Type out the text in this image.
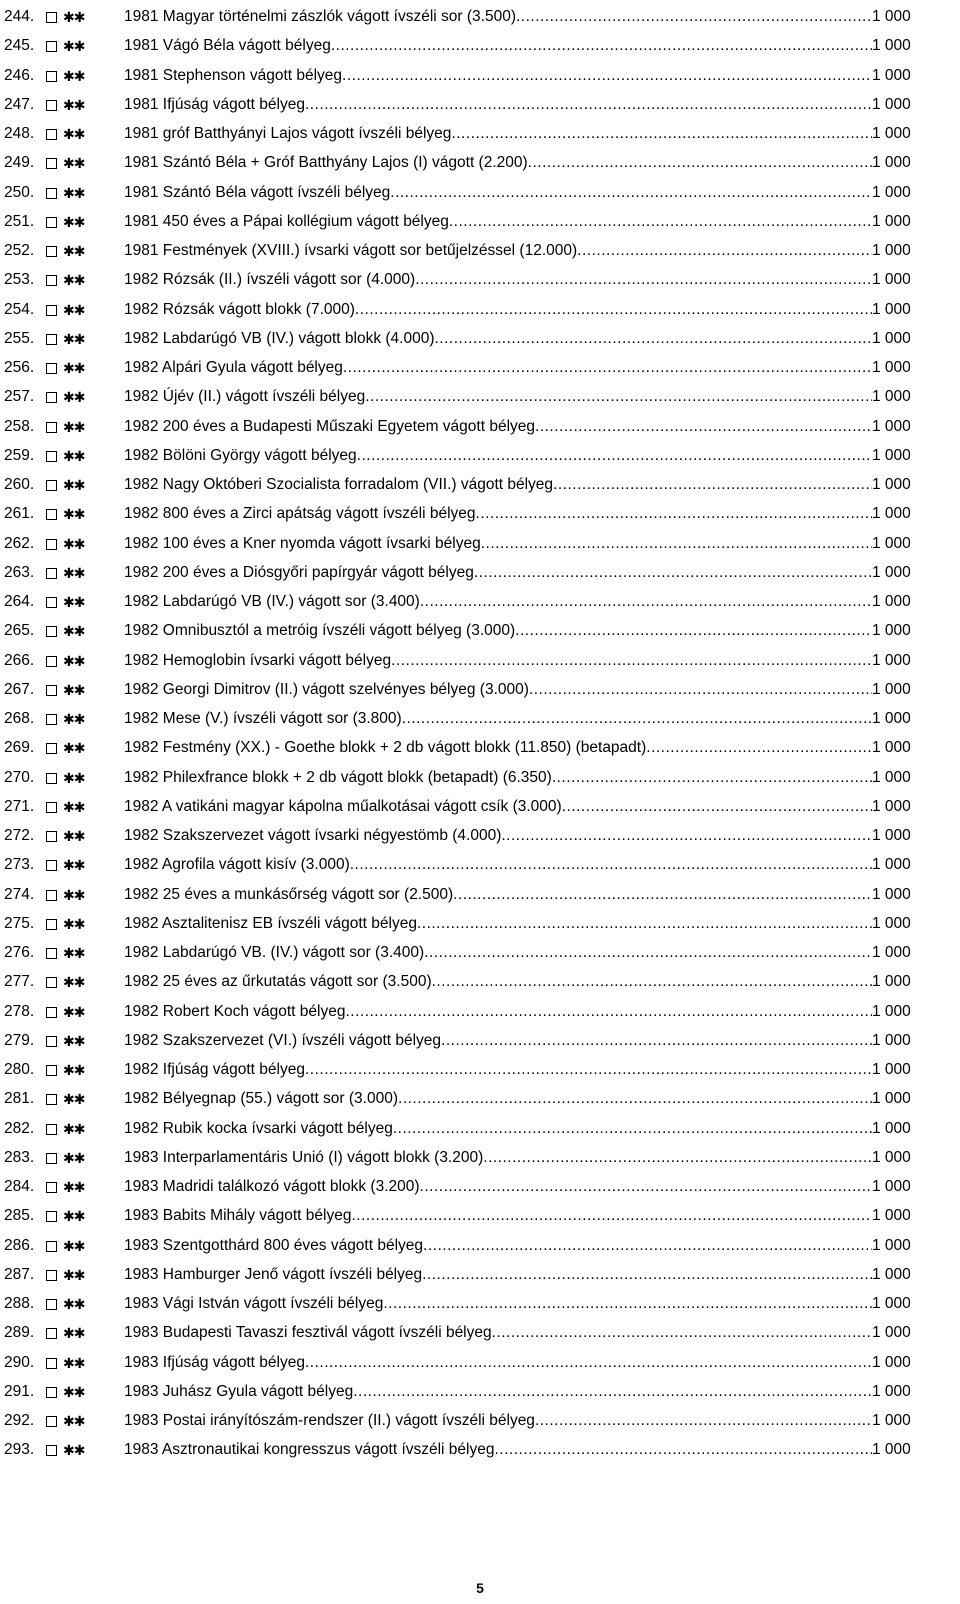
244.	✱✱	1981 Magyar történelmi zászlók vágott ívszéli sor (3.500) .....	1 000
245.	✱✱	1981 Vágó Béla vágott bélyeg .....	1 000
246.	✱✱	1981 Stephenson vágott bélyeg .....	1 000
247.	✱✱	1981 Ifjúság vágott bélyeg .....	1 000
248.	✱✱	1981 gróf Batthyányi Lajos vágott ívszéli bélyeg .....	1 000
249.	✱✱	1981 Szántó Béla + Gróf Batthyány Lajos (I) vágott (2.200) .....	1 000
250.	✱✱	1981 Szántó Béla vágott ívszéli bélyeg .....	1 000
251.	✱✱	1981 450 éves a Pápai kollégium vágott bélyeg .....	1 000
252.	✱✱	1981 Festmények (XVIII.) ívsarki vágott sor betűjelzéssel (12.000) .....	1 000
253.	✱✱	1982 Rózsák (II.) ívszéli vágott sor (4.000) .....	1 000
254.	✱✱	1982 Rózsák vágott blokk (7.000) .....	1 000
255.	✱✱	1982 Labdarúgó VB (IV.) vágott blokk (4.000) .....	1 000
256.	✱✱	1982 Alpári Gyula vágott bélyeg .....	1 000
257.	✱✱	1982 Újév (II.) vágott ívszéli bélyeg .....	1 000
258.	✱✱	1982 200 éves a Budapesti Műszaki Egyetem vágott bélyeg .....	1 000
259.	✱✱	1982 Bölöni György vágott bélyeg .....	1 000
260.	✱✱	1982 Nagy Októberi Szocialista forradalom (VII.) vágott bélyeg .....	1 000
261.	✱✱	1982 800 éves a Zirci apátság vágott ívszéli bélyeg .....	1 000
262.	✱✱	1982 100 éves a Kner nyomda vágott ívsarki bélyeg .....	1 000
263.	✱✱	1982 200 éves a Diósgyőri papírgyár vágott bélyeg .....	1 000
264.	✱✱	1982 Labdarúgó VB (IV.) vágott sor (3.400) .....	1 000
265.	✱✱	1982 Omnibusztól a metróig ívszéli vágott bélyeg (3.000) .....	1 000
266.	✱✱	1982 Hemoglobin ívsarki vágott bélyeg .....	1 000
267.	✱✱	1982 Georgi Dimitrov (II.) vágott szelvényes bélyeg (3.000) .....	1 000
268.	✱✱	1982 Mese (V.) ívszéli vágott sor (3.800) .....	1 000
269.	✱✱	1982 Festmény (XX.) - Goethe blokk + 2 db vágott blokk (11.850) (betapadt) .....	1 000
270.	✱✱	1982 Philexfrance blokk + 2 db vágott blokk (betapadt) (6.350) .....	1 000
271.	✱✱	1982 A vatikáni magyar kápolna műalkotásai vágott csík (3.000) .....	1 000
272.	✱✱	1982 Szakszervezet vágott ívsarki négyestömb (4.000) .....	1 000
273.	✱✱	1982 Agrofila vágott kisív (3.000) .....	1 000
274.	✱✱	1982 25 éves a munkásőrség vágott sor (2.500) .....	1 000
275.	✱✱	1982 Asztalitenisz EB ívszéli vágott bélyeg .....	1 000
276.	✱✱	1982 Labdarúgó VB. (IV.) vágott sor (3.400) .....	1 000
277.	✱✱	1982 25 éves az űrkutatás vágott sor (3.500) .....	1 000
278.	✱✱	1982 Robert Koch vágott bélyeg .....	1 000
279.	✱✱	1982 Szakszervezet (VI.) ívszéli vágott bélyeg .....	1 000
280.	✱✱	1982 Ifjúság vágott bélyeg .....	1 000
281.	✱✱	1982 Bélyegnap (55.) vágott sor (3.000) .....	1 000
282.	✱✱	1982 Rubik kocka ívsarki vágott bélyeg .....	1 000
283.	✱✱	1983 Interparlamentáris Unió (I) vágott blokk (3.200) .....	1 000
284.	✱✱	1983 Madridi találkozó vágott blokk (3.200) .....	1 000
285.	✱✱	1983 Babits Mihály vágott bélyeg .....	1 000
286.	✱✱	1983 Szentgotthárd 800 éves vágott bélyeg .....	1 000
287.	✱✱	1983 Hamburger Jenő vágott ívszéli bélyeg .....	1 000
288.	✱✱	1983 Vági István vágott ívszéli bélyeg .....	1 000
289.	✱✱	1983 Budapesti Tavaszi fesztivál vágott ívszéli bélyeg .....	1 000
290.	✱✱	1983 Ifjúság vágott bélyeg .....	1 000
291.	✱✱	1983 Juhász Gyula vágott bélyeg .....	1 000
292.	✱✱	1983 Postai irányítószám-rendszer (II.) vágott ívszéli bélyeg .....	1 000
293.	✱✱	1983 Asztronautikai kongresszus vágott ívszéli bélyeg .....	1 000
5
